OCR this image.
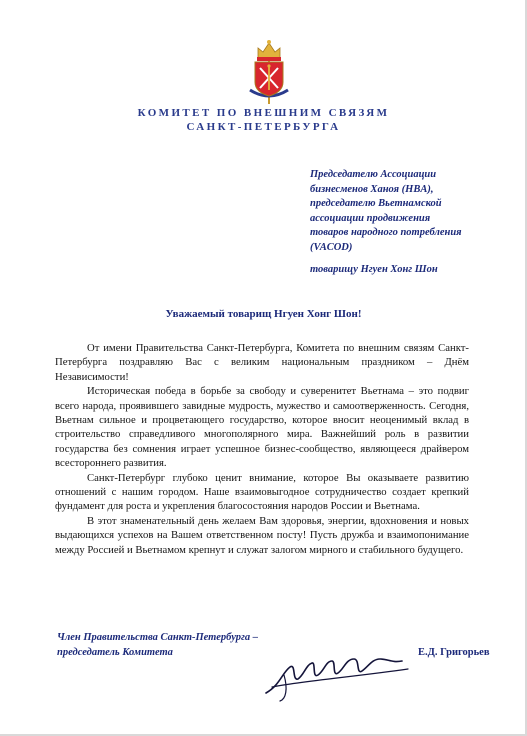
КОМИТЕТ ПО ВНЕШНИМ СВЯЗЯМ
САНКТ-ПЕТЕРБУРГА
Председателю Ассоциации
бизнесменов Ханоя (HBA),
председателю Вьетнамской
ассоциации продвижения
товаров народного потребления
(VACOD)
товарищу Нгуен Хонг Шон
Уважаемый товарищ Нгуен Хонг Шон!

От имени Правительства Санкт-Петербурга, Комитета по внешним связям Санкт-Петербурга поздравляю Вас с великим национальным праздником – Днём Независимости!

Историческая победа в борьбе за свободу и суверенитет Вьетнама – это подвиг всего народа, проявившего завидные мудрость, мужество и самоотверженность. Сегодня, Вьетнам сильное и процветающего государство, которое вносит неоценимый вклад в строительство справедливого многополярного мира. Важнейший роль в развитии государства без сомнения играет успешное бизнес-сообщество, являющееся драйвером всестороннего развития.

Санкт-Петербург глубоко ценит внимание, которое Вы оказываете развитию отношений с нашим городом. Наше взаимовыгодное сотрудничество создает крепкий фундамент для роста и укрепления благосостояния народов России и Вьетнама.

В этот знаменательный день желаем Вам здоровья, энергии, вдохновения и новых выдающихся успехов на Вашем ответственном посту! Пусть дружба и взаимопонимание между Россией и Вьетнамом крепнут и служат залогом мирного и стабильного будущего.

Член Правительства Санкт-Петербурга –
председатель Комитета	Е.Д. Григорьев
